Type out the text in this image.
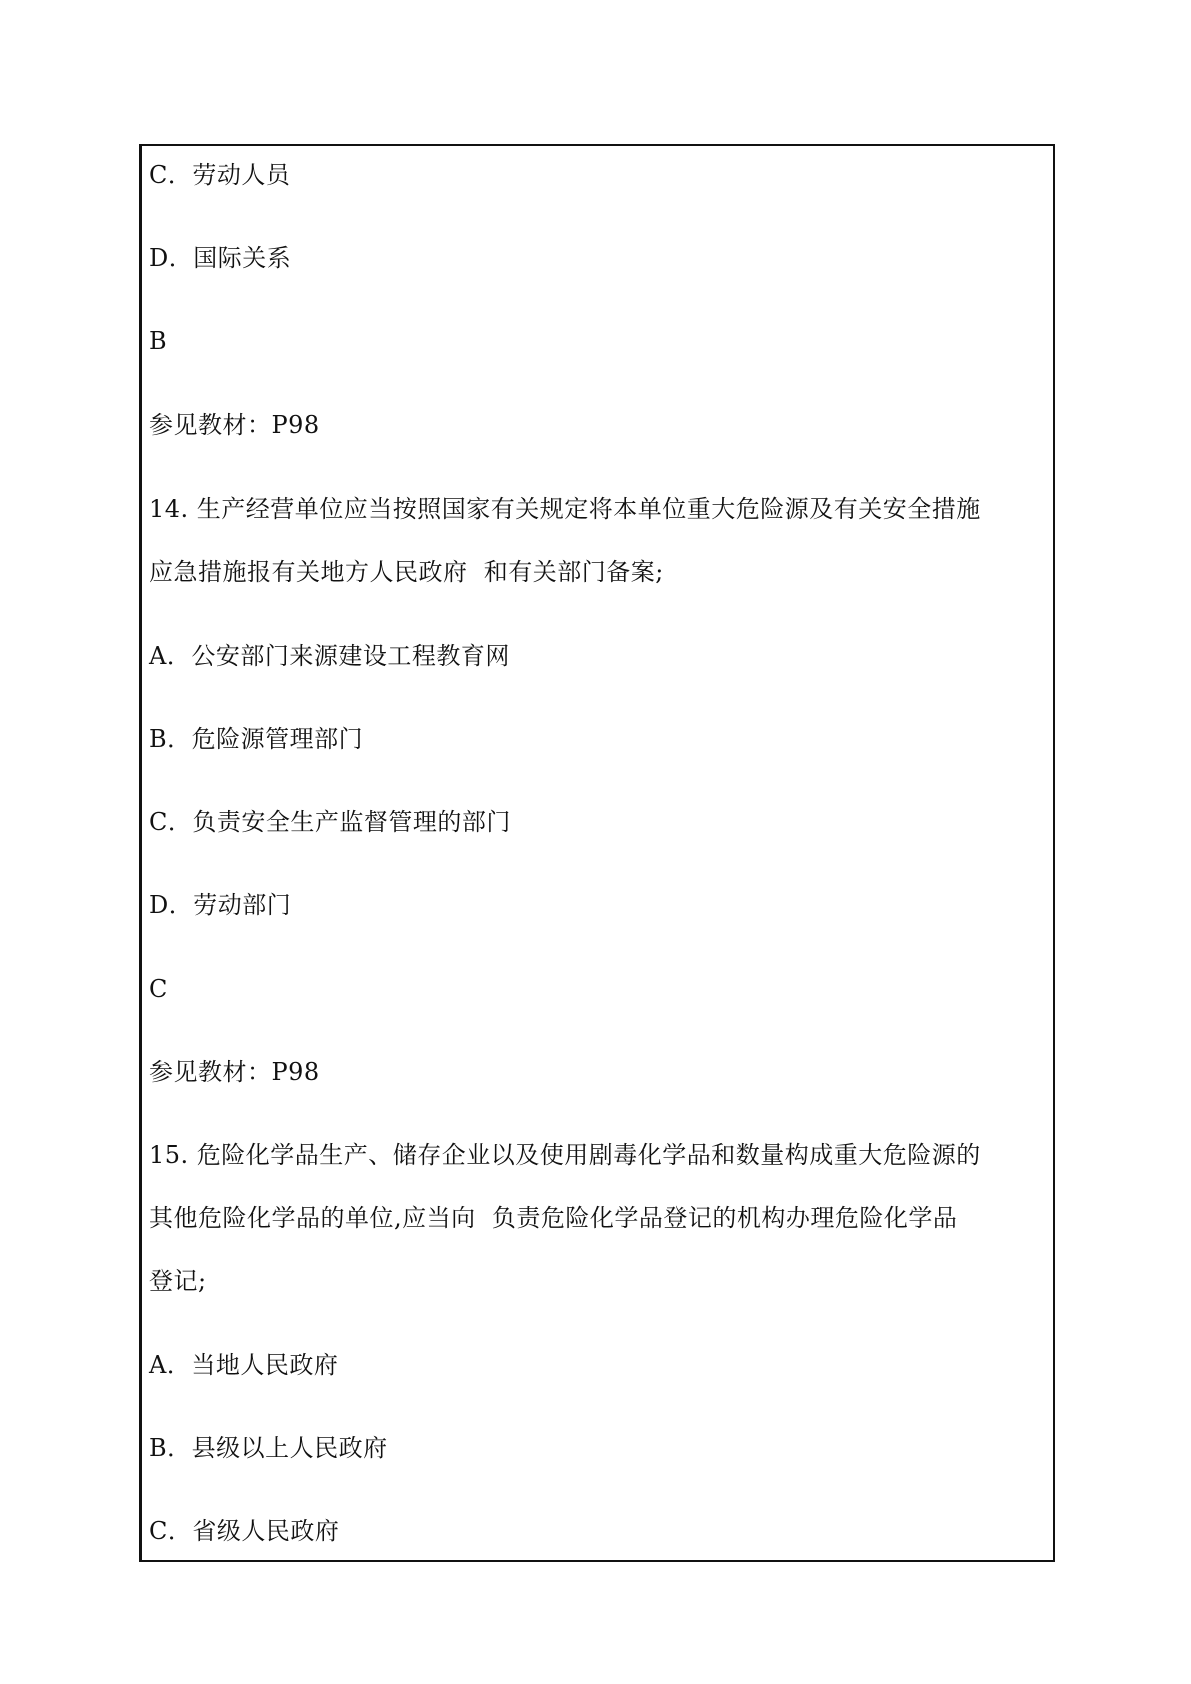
C．劳动人员
D．国际关系
B
参见教材：P98
14. 生产经营单位应当按照国家有关规定将本单位重大危险源及有关安全措施
应急措施报有关地方人民政府  和有关部门备案;
A．公安部门来源建设工程教育网
B．危险源管理部门
C．负责安全生产监督管理的部门
D．劳动部门
C
参见教材：P98
15. 危险化学品生产、储存企业以及使用剧毒化学品和数量构成重大危险源的
其他危险化学品的单位,应当向  负责危险化学品登记的机构办理危险化学品
登记;
A．当地人民政府
B．县级以上人民政府
C．省级人民政府
